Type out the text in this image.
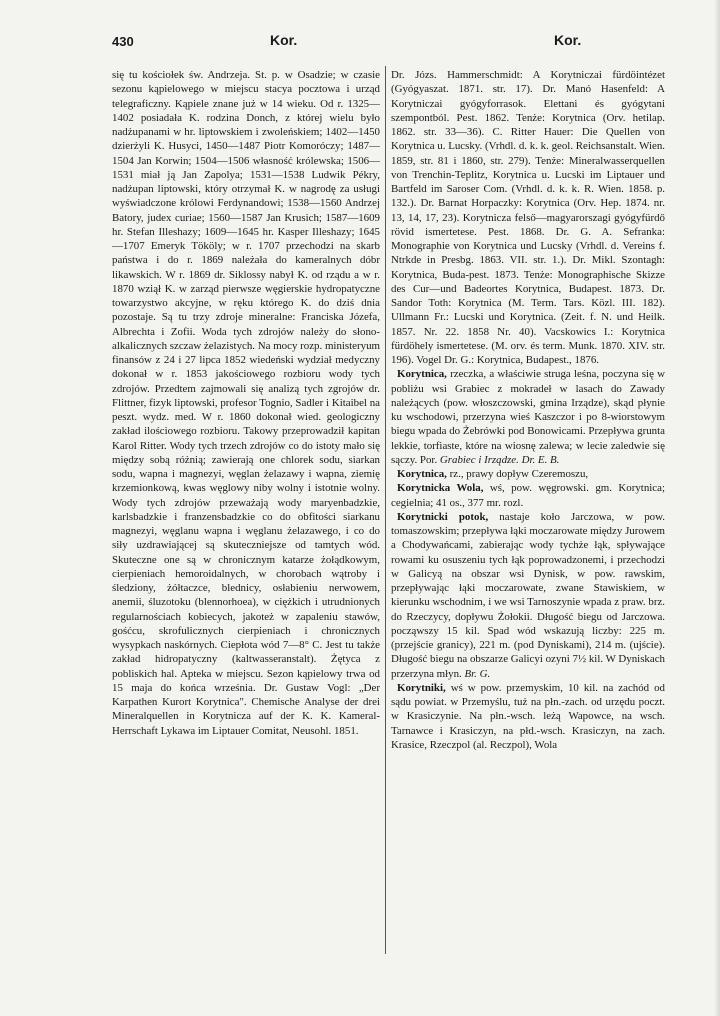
430	Kor.	Kor.

się tu kościołek św. Andrzeja. St. p. w Osadzie; w czasie sezonu kąpielowego w miejscu stacya pocztowa i urząd telegraficzny. Kąpiele znane już w 14 wieku. Od r. 1325—1402 posiadała K. rodzina Donch, z której wielu było nadżupanami w hr. liptowskiem i zwoleńskiem; 1402—1450 dzierżyli K. Husyci, 1450—1487 Piotr Komoróczy; 1487—1504 Jan Korwin; 1504—1506 własność królewska; 1506—1531 miał ją Jan Zapolya; 1531—1538 Ludwik Pékry, nadżupan liptowski, który otrzymał K. w nagrodę za usługi wyświadczone królowi Ferdynandowi; 1538—1560 Andrzej Batory, judex curiae; 1560—1587 Jan Krusich; 1587—1609 hr. Stefan Illeshazy; 1609—1645 hr. Kasper Illeshazy; 1645—1707 Emeryk Tököly; w r. 1707 przechodzi na skarb państwa i do r. 1869 należała do kameralnych dóbr likawskich. W r. 1869 dr. Siklossy nabył K. od rządu a w r. 1870 wziął K. w zarząd pierwsze węgierskie hydropatyczne towarzystwo akcyjne, w ręku którego K. do dziś dnia pozostaje. Są tu trzy zdroje mineralne: Franciska Józefa, Albrechta i Zofii. Woda tych zdrojów należy do słono-alkalicznych szczaw żelazistych. Na mocy rozp. ministeryum finansów z 24 i 27 lipca 1852 wiedeński wydział medyczny dokonał w r. 1853 jakościowego rozbioru wody tych zdrojów. Przedtem zajmowali się analizą tych zgrojów dr. Flittner, fizyk liptowski, profesor Tognio, Sadler i Kitaibel na peszt. wydz. med. W r. 1860 dokonał wied. geologiczny zakład ilościowego rozbioru. Takowy przeprowadził kapitan Karol Ritter. Wody tych trzech zdrojów co do istoty mało się między sobą różnią; zawierają one chlorek sodu, siarkan sodu, wapna i magnezyi, węglan żelazawy i wapna, ziemię krzemionkową, kwas węglowy niby wolny i istotnie wolny. Wody tych zdrojów przeważają wody maryenbadzkie, karlsbadzkie i franzensbadzkie co do obfitości siarkanu magnezyi, węglanu wapna i węglanu żelazawego, i co do siły uzdrawiającej są skuteczniejsze od tamtych wód. Skuteczne one są w chronicznym katarze żołądkowym, cierpieniach hemoroidalnych, w chorobach wątroby i śledziony, żółtaczce, blednicy, osłabieniu nerwowem, anemii, śluzotoku (blennorhoea), w ciężkich i utrudnionych regularnościach kobiecych, jakoteż w zapaleniu stawów, gośćcu, skrofulicznych cierpieniach i chronicznych wysypkach naskórnych. Ciepłota wód 7—8° C. Jest tu także zakład hidropatyczny (kaltwasseranstalt). Żętyca z pobliskich hal. Apteka w miejscu. Sezon kąpielowy trwa od 15 maja do końca września. Dr. Gustaw Vogl: „Der Karpathen Kurort Korytnica". Chemische Analyse der drei Mineralquellen in Korytnicza auf der K. K. Kameral-Herrschaft Lykawa im Liptauer Comitat, Neusohl. 1851.

Dr. Józs. Hammerschmidt: A Korytniczai fürdöintézet (Gyógyaszat. 1871. str. 17). Dr. Manó Hasenfeld: A Korytniczai gyógyforrasok. Elettani és gyógytani szempontból. Pest. 1862. Tenże: Korytnica (Orv. hetilap. 1862. str. 33—36). C. Ritter Hauer: Die Quellen von Korytnica u. Lucsky. (Vrhdl. d. k. k. geol. Reichsanstalt. Wien. 1859, str. 81 i 1860, str. 279). Tenże: Mineralwasserquellen von Trenchin-Teplitz, Korytnica u. Lucski im Liptauer und Bartfeld im Saroser Com. (Vrhdl. d. k. k. R. Wien. 1858. p. 132.). Dr. Barnat Horpaczky: Korytnica (Orv. Hep. 1874. nr. 13, 14, 17, 23). Korytnicza felső—magyarorszagi gyógyfürdő rövid ismertetese. Pest. 1868. Dr. G. A. Sefranka: Monographie von Korytnica und Lucsky (Vrhdl. d. Vereins f. Ntrkde in Presbg. 1863. VII. str. 1.). Dr. Mikl. Szontagh: Korytnica, Buda-pest. 1873. Tenże: Monographische Skizze des Cur—und Badeortes Korytnica, Budapest. 1873. Dr. Sandor Toth: Korytnica (M. Term. Tars. Közl. III. 182). Ullmann Fr.: Lucski und Korytnica. (Zeit. f. N. und Heilk. 1857. Nr. 22. 1858 Nr. 40). Vacskowics I.: Korytnica fürdöhely ismertetese. (M. orv. és term. Munk. 1870. XIV. str. 196). Vogel Dr. G.: Korytnica, Budapest., 1876.

Korytnica, rzeczka, a właściwie struga leśna, poczyna się w pobliżu wsi Grabiec z mokradeł w lasach do Zawady należących (pow. włoszczowski, gmina Irządze), skąd płynie ku wschodowi, przerzyna wieś Kaszczor i po 8-wiorstowym biegu wpada do Żebrówki pod Bonowicami. Przepływa grunta lekkie, torfiaste, które na wiosnę zalewa; w lecie zaledwie się sączy. Por. Grabiec i Irządze. Dr. E. B.

Korytnica, rz., prawy dopływ Czeremoszu,

Korytnicka Wola, wś, pow. węgrowski. gm. Korytnica; cegielnia; 41 os., 377 mr. rozl.

Korytnicki potok, nastaje koło Jarczowa, w pow. tomaszowskim; przepływa łąki moczarowate między Jurowem a Chodywańcami, zabierając wody tychże łąk, spływające rowami ku osuszeniu tych łąk poprowadzonemi, i przechodzi w Galicyą na obszar wsi Dynisk, w pow. rawskim, przepływając łąki moczarowate, zwane Stawiskiem, w kierunku wschodnim, i we wsi Tarnoszynie wpada z praw. brz. do Rzeczycy, dopływu Żołokii. Długość biegu od Jarczowa. począwszy 15 kil. Spad wód wskazują liczby: 225 m. (przejście granicy), 221 m. (pod Dyniskami), 214 m. (ujście). Długość biegu na obszarze Galicyi ozyni 7½ kil. W Dyniskach przerzyna młyn. Br. G.

Korytniki, wś w pow. przemyskim, 10 kil. na zachód od sądu powiat. w Przemyślu, tuż na płn.-zach. od urzędu poczt. w Krasiczynie. Na płn.-wsch. leżą Wapowce, na wsch. Tarnawce i Krasiczyn, na płd.-wsch. Krasiczyn, na zach. Krasice, Rzeczpol (al. Reczpol), Wola
